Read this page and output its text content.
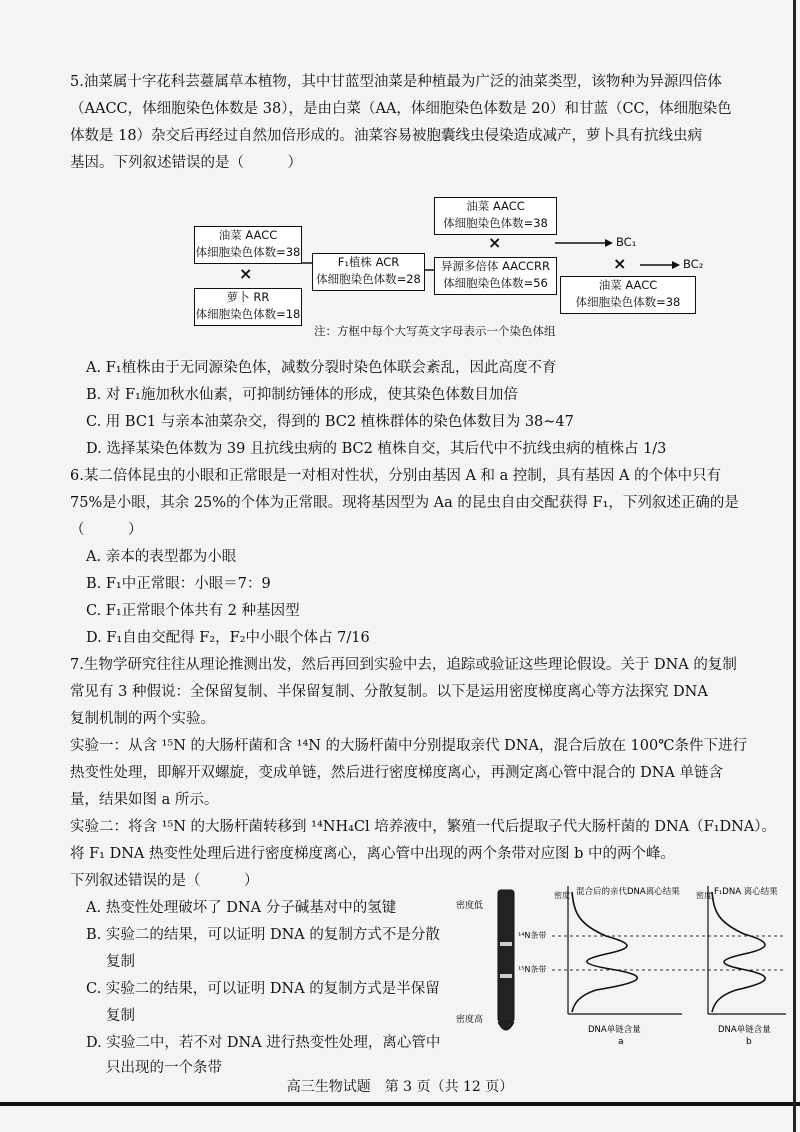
5.油菜属十字花科芸薹属草本植物，其中甘蓝型油菜是种植最为广泛的油菜类型，该物种为异源四倍体
（AACC，体细胞染色体数是 38），是由白菜（AA，体细胞染色体数是 20）和甘蓝（CC，体细胞染色
体数是 18）杂交后再经过自然加倍形成的。油菜容易被胞囊线虫侵染造成减产，萝卜具有抗线虫病
基因。下列叙述错误的是（　　　）
油菜 AACC
体细胞染色体数=38
×
萝卜 RR
体细胞染色体数=18
F₁植株 ACR
体细胞染色体数=28
油菜 AACC
体细胞染色体数=38
×
异源多倍体 AACCRR
体细胞染色体数=56
BC₁
×	BC₂
油菜 AACC
体细胞染色体数=38
注：方框中每个大写英文字母表示一个染色体组
A. F₁植株由于无同源染色体，减数分裂时染色体联会紊乱，因此高度不育
B. 对 F₁施加秋水仙素，可抑制纺锤体的形成，使其染色体数目加倍
C. 用 BC1 与亲本油菜杂交，得到的 BC2 植株群体的染色体数目为 38~47
D. 选择某染色体数为 39 且抗线虫病的 BC2 植株自交，其后代中不抗线虫病的植株占 1/3
6.某二倍体昆虫的小眼和正常眼是一对相对性状，分别由基因 A 和 a 控制，具有基因 A 的个体中只有
75%是小眼，其余 25%的个体为正常眼。现将基因型为 Aa 的昆虫自由交配获得 F₁，下列叙述正确的是
（　　　）
A. 亲本的表型都为小眼
B. F₁中正常眼：小眼＝7：9
C. F₁正常眼个体共有 2 种基因型
D. F₁自由交配得 F₂，F₂中小眼个体占 7/16
7.生物学研究往往从理论推测出发，然后再回到实验中去，追踪或验证这些理论假设。关于 DNA 的复制
常见有 3 种假说：全保留复制、半保留复制、分散复制。以下是运用密度梯度离心等方法探究 DNA
复制机制的两个实验。
实验一：从含 ¹⁵N 的大肠杆菌和含 ¹⁴N 的大肠杆菌中分别提取亲代 DNA，混合后放在 100℃条件下进行
热变性处理，即解开双螺旋，变成单链，然后进行密度梯度离心，再测定离心管中混合的 DNA 单链含
量，结果如图 a 所示。
实验二：将含 ¹⁵N 的大肠杆菌转移到 ¹⁴NH₄Cl 培养液中，繁殖一代后提取子代大肠杆菌的 DNA（F₁DNA）。
将 F₁ DNA 热变性处理后进行密度梯度离心，离心管中出现的两个条带对应图 b 中的两个峰。
下列叙述错误的是（　　　）
A. 热变性处理破坏了 DNA 分子碱基对中的氢键
B. 实验二的结果，可以证明 DNA 的复制方式不是分散
复制
C. 实验二的结果，可以证明 DNA 的复制方式是半保留
复制
D. 实验二中，若不对 DNA 进行热变性处理，离心管中
只出现的一个条带
密度低
密度高
¹⁴N条带
¹⁵N条带
密度 混合后的亲代DNA离心结果
DNA单链含量
a
密度 F₁DNA 离心结果
DNA单链含量
b
高三生物试题　第 3 页（共 12 页）
